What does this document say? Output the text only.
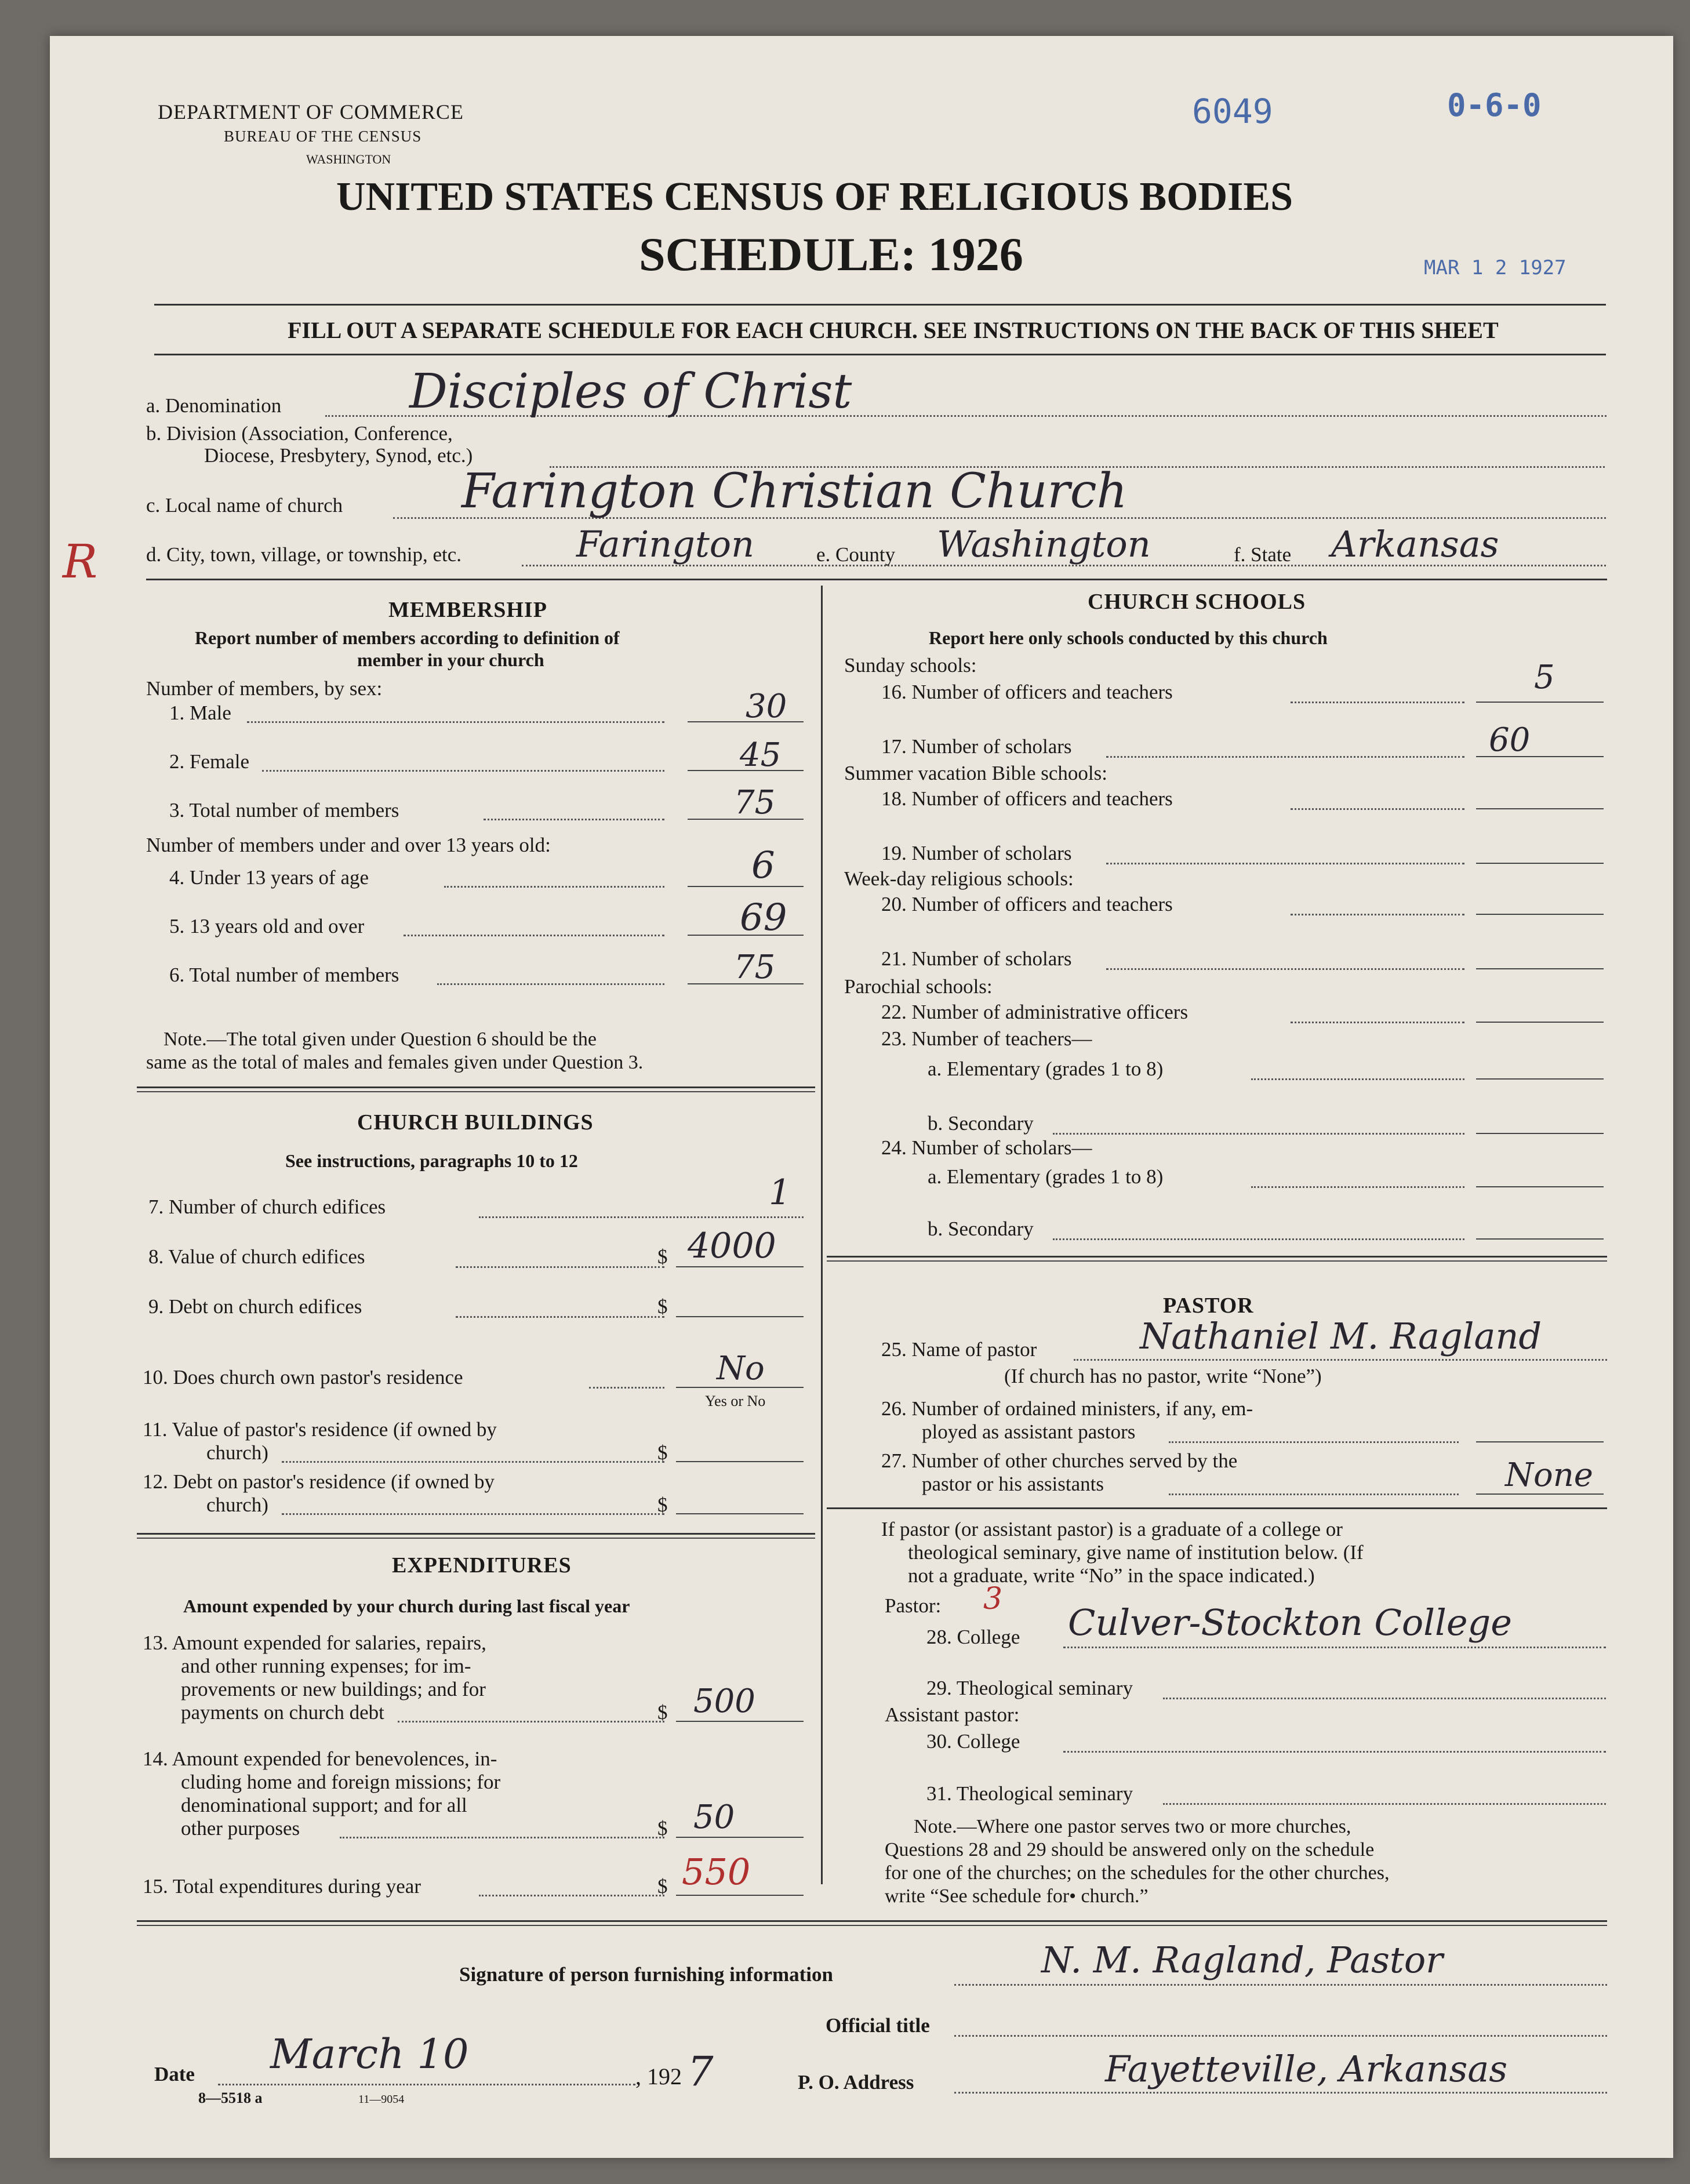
DEPARTMENT OF COMMERCE
BUREAU OF THE CENSUS
WASHINGTON
UNITED STATES CENSUS OF RELIGIOUS BODIES
SCHEDULE: 1926
6049	0-6-0
MAR 1 2 1927
FILL OUT A SEPARATE SCHEDULE FOR EACH CHURCH. SEE INSTRUCTIONS ON THE BACK OF THIS SHEET
a. Denomination	Disciples of Christ
b. Division (Association, Conference,
Diocese, Presbytery, Synod, etc.)
c. Local name of church Farington Christian Church
R d. City, town, village, or township, etc.	Farington	e. County Washington	f. State Arkansas
MEMBERSHIP
Report number of members according to definition of
member in your church
Number of members, by sex:
1. Male	30
2. Female	45
3. Total number of members	75
Number of members under and over 13 years old:
4. Under 13 years of age	6
5. 13 years old and over	69
6. Total number of members	75
Note.—The total given under Question 6 should be the
same as the total of males and females given under Question 3.
CHURCH BUILDINGS
See instructions, paragraphs 10 to 12
7. Number of church edifices	1
8. Value of church edifices	$ 4000
9. Debt on church edifices	$
10. Does church own pastor's residence	No
Yes or No
11. Value of pastor's residence (if owned by
church)	$
12. Debt on pastor's residence (if owned by
church)	$
EXPENDITURES
Amount expended by your church during last fiscal year
13. Amount expended for salaries, repairs,
and other running expenses; for im-
provements or new buildings; and for
payments on church debt	$ 500
14. Amount expended for benevolences, in-
cluding home and foreign missions; for
denominational support; and for all
other purposes	$ 50
15. Total expenditures during year	$ 550
CHURCH SCHOOLS
Report here only schools conducted by this church
Sunday schools:
16. Number of officers and teachers	5
17. Number of scholars	60
Summer vacation Bible schools:
18. Number of officers and teachers
19. Number of scholars
Week-day religious schools:
20. Number of officers and teachers
21. Number of scholars
Parochial schools:
22. Number of administrative officers
23. Number of teachers—
a. Elementary (grades 1 to 8)
b. Secondary
24. Number of scholars—
a. Elementary (grades 1 to 8)
b. Secondary
PASTOR
25. Name of pastor	Nathaniel M. Ragland
(If church has no pastor, write “None”)
26. Number of ordained ministers, if any, em-
ployed as assistant pastors
27. Number of other churches served by the
pastor or his assistants	None
If pastor (or assistant pastor) is a graduate of a college or
theological seminary, give name of institution below. (If
not a graduate, write “No” in the space indicated.)
Pastor: 3
28. College Culver-Stockton College
29. Theological seminary
Assistant pastor:
30. College
31. Theological seminary
Note.—Where one pastor serves two or more churches,
Questions 28 and 29 should be answered only on the schedule
for one of the churches; on the schedules for the other churches,
write “See schedule for• church.”
Signature of person furnishing information	N. M. Ragland, Pastor
Official title
Date March 10	, 192 7	P. O. Address	Fayetteville, Arkansas
8—5518 a	11—9054
